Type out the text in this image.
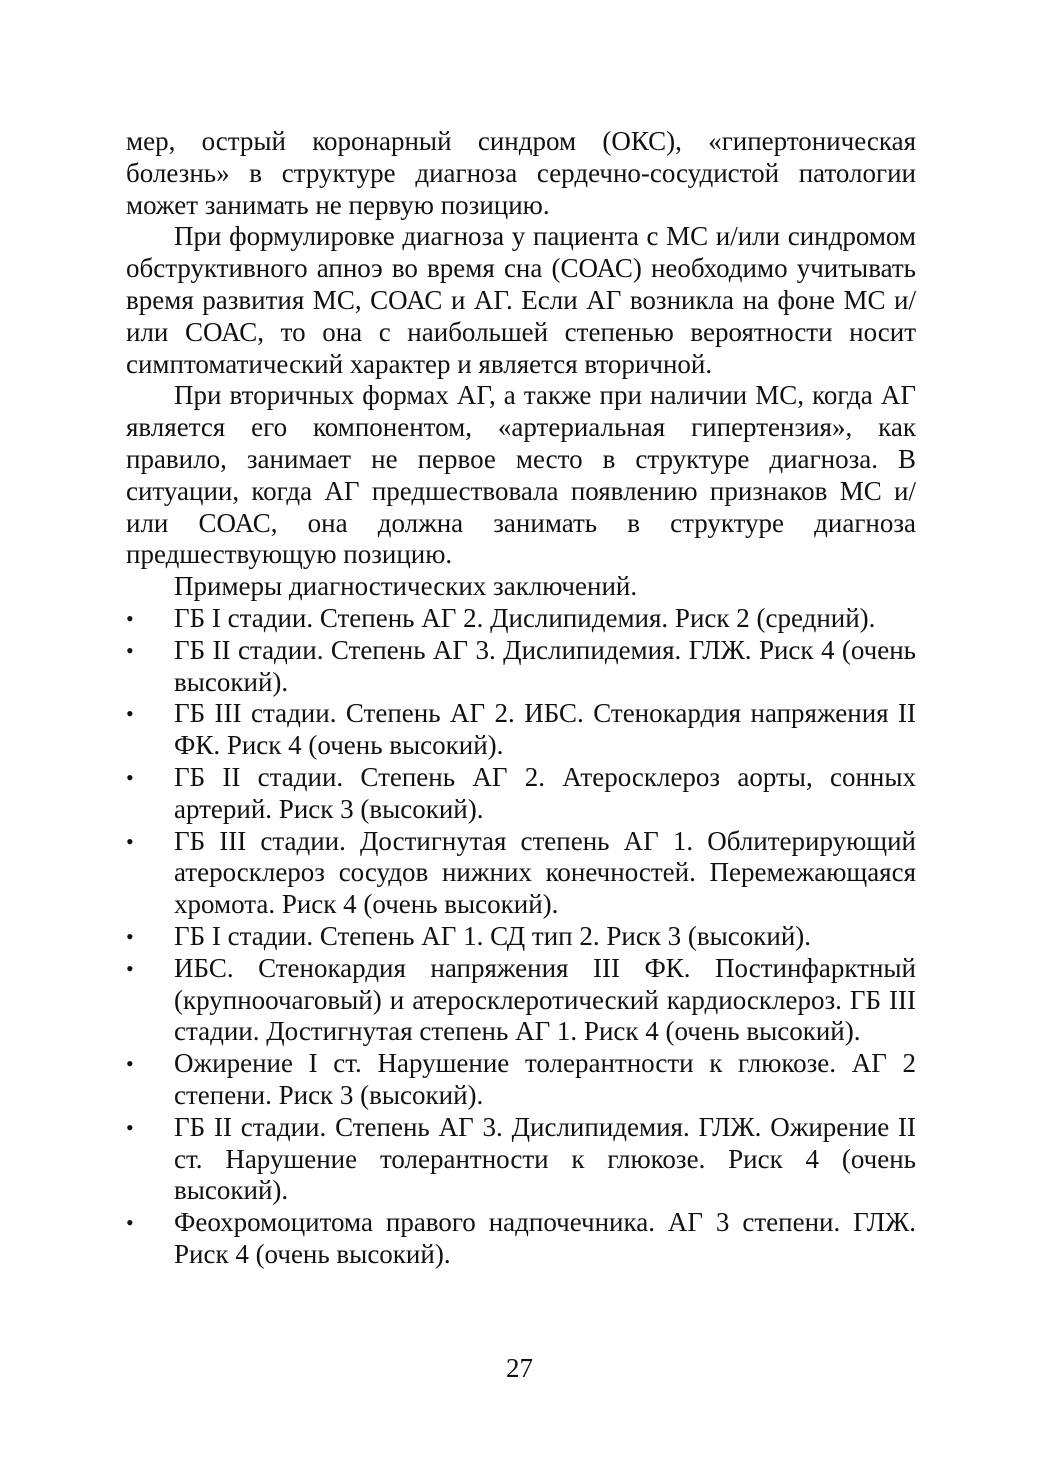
мер, острый коронарный синдром (ОКС), «гипертоническая болезнь» в структуре диагноза сердечно-сосудистой патологии может занимать не первую позицию.

При формулировке диагноза у пациента с МС и/или синдромом обструктивного апноэ во время сна (СОАС) необходимо учитывать время развития МС, СОАС и АГ. Если АГ возникла на фоне МС и/или СОАС, то она с наибольшей степенью вероятности носит симптоматический характер и является вторичной.

При вторичных формах АГ, а также при наличии МС, когда АГ является его компонентом, «артериальная гипертензия», как правило, занимает не первое место в структуре диагноза. В ситуации, когда АГ предшествовала появлению признаков МС и/или СОАС, она должна занимать в структуре диагноза предшествующую позицию.

Примеры диагностических заключений.

• ГБ I стадии. Степень АГ 2. Дислипидемия. Риск 2 (средний).
• ГБ II стадии. Степень АГ 3. Дислипидемия. ГЛЖ. Риск 4 (очень высокий).
• ГБ III стадии. Степень АГ 2. ИБС. Стенокардия напряжения II ФК. Риск 4 (очень высокий).
• ГБ II стадии. Степень АГ 2. Атеросклероз аорты, сонных артерий. Риск 3 (высокий).
• ГБ III стадии. Достигнутая степень АГ 1. Облитерирующий атеросклероз сосудов нижних конечностей. Перемежающаяся хромота. Риск 4 (очень высокий).
• ГБ I стадии. Степень АГ 1. СД тип 2. Риск 3 (высокий).
• ИБС. Стенокардия напряжения III ФК. Постинфарктный (крупноочаговый) и атеросклеротический кардиосклероз. ГБ III стадии. Достигнутая степень АГ 1. Риск 4 (очень высокий).
• Ожирение I ст. Нарушение толерантности к глюкозе. АГ 2 степени. Риск 3 (высокий).
• ГБ II стадии. Степень АГ 3. Дислипидемия. ГЛЖ. Ожирение II ст. Нарушение толерантности к глюкозе. Риск 4 (очень высокий).
• Феохромоцитома правого надпочечника. АГ 3 степени. ГЛЖ. Риск 4 (очень высокий).
27
